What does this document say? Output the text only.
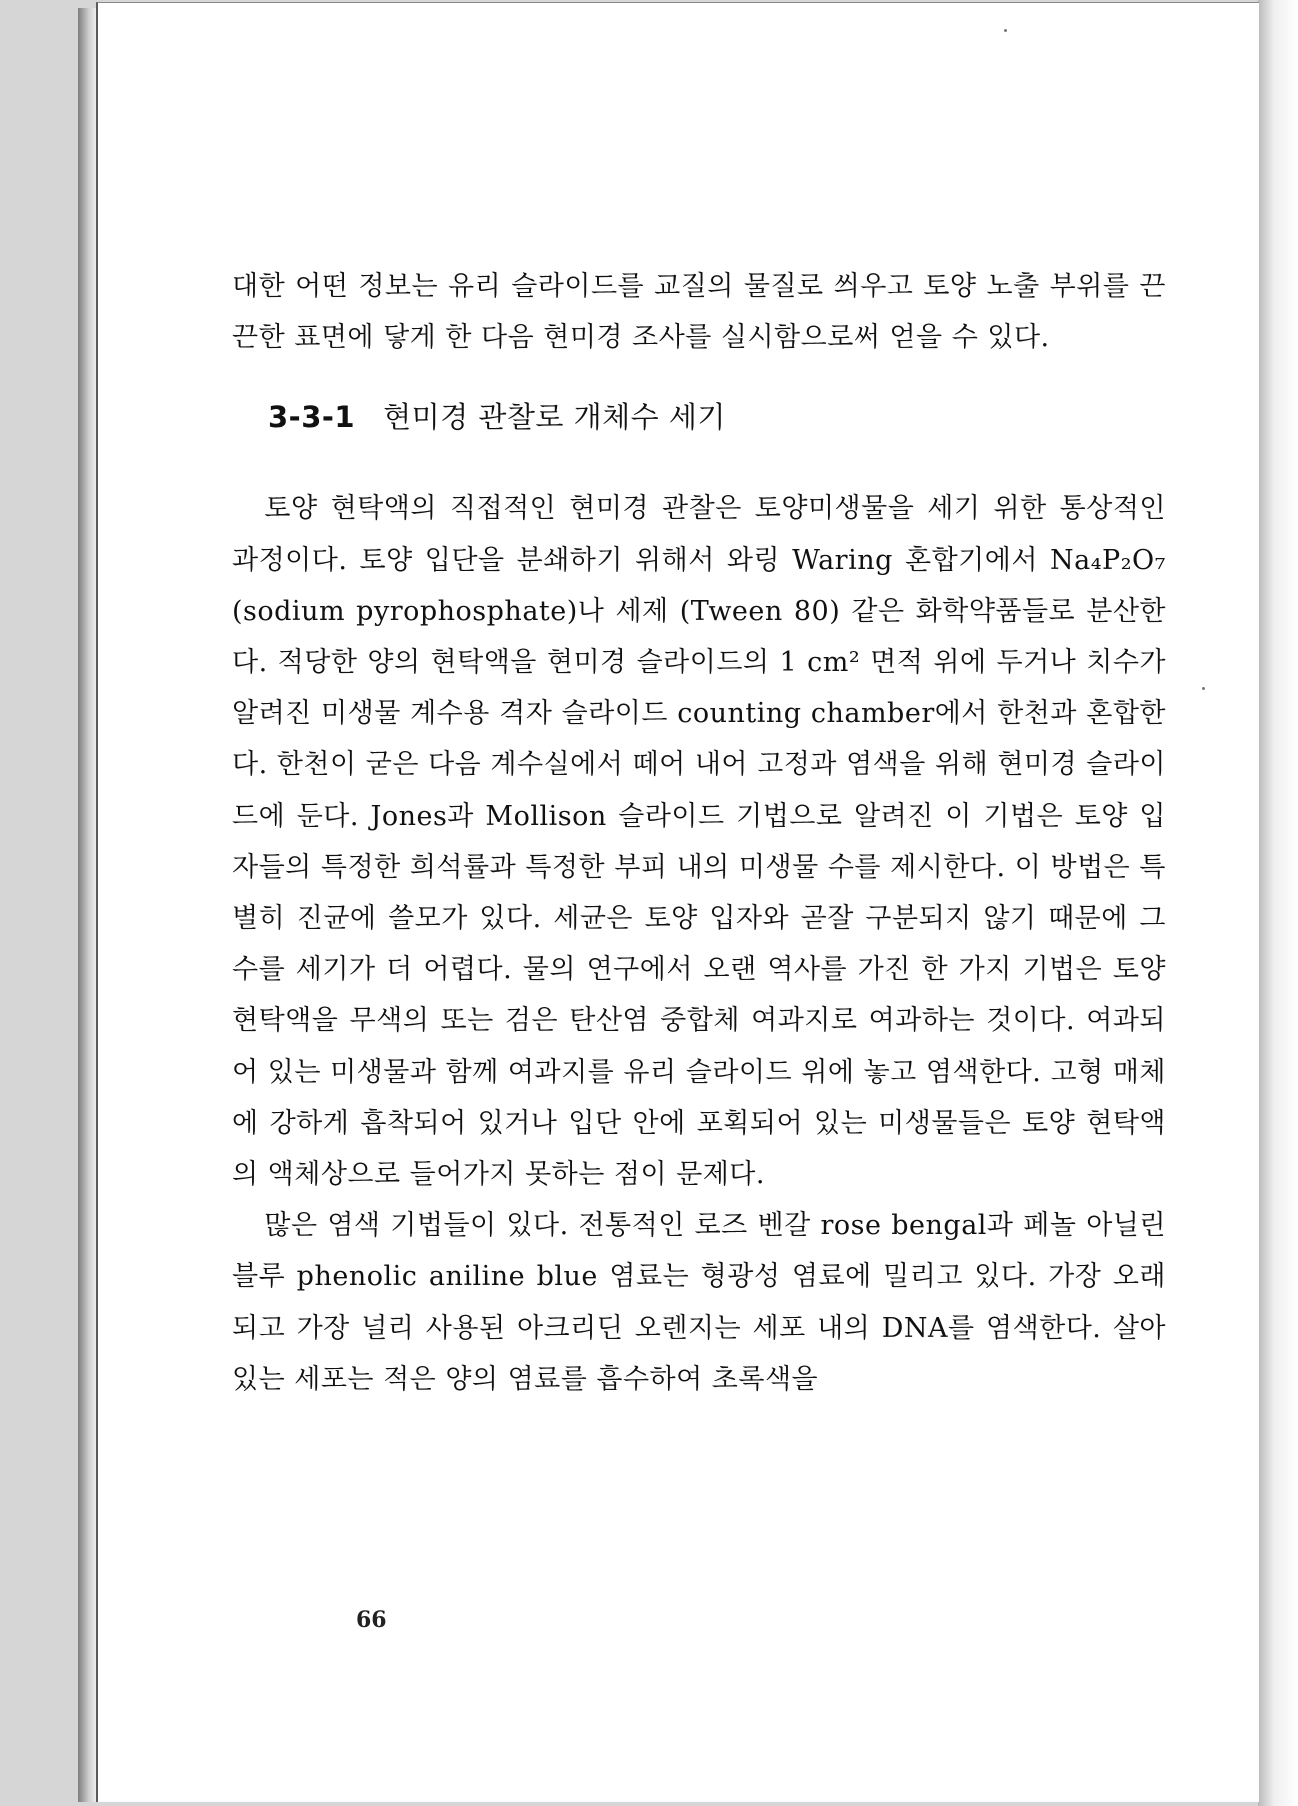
대한 어떤 정보는 유리 슬라이드를 교질의 물질로 씌우고 토양 노출 부위를 끈끈한 표면에 닿게 한 다음 현미경 조사를 실시함으로써 얻을 수 있다.

3-3-1 현미경 관찰로 개체수 세기

토양 현탁액의 직접적인 현미경 관찰은 토양미생물을 세기 위한 통상적인 과정이다. 토양 입단을 분쇄하기 위해서 와링 Waring 혼합기에서 Na₄P₂O₇ (sodium pyrophosphate)나 세제 (Tween 80) 같은 화학약품들로 분산한다. 적당한 양의 현탁액을 현미경 슬라이드의 1 cm² 면적 위에 두거나 치수가 알려진 미생물 계수용 격자 슬라이드 counting chamber에서 한천과 혼합한다. 한천이 굳은 다음 계수실에서 떼어 내어 고정과 염색을 위해 현미경 슬라이드에 둔다. Jones과 Mollison 슬라이드 기법으로 알려진 이 기법은 토양 입자들의 특정한 희석률과 특정한 부피 내의 미생물 수를 제시한다. 이 방법은 특별히 진균에 쓸모가 있다. 세균은 토양 입자와 곧잘 구분되지 않기 때문에 그 수를 세기가 더 어렵다. 물의 연구에서 오랜 역사를 가진 한 가지 기법은 토양 현탁액을 무색의 또는 검은 탄산염 중합체 여과지로 여과하는 것이다. 여과되어 있는 미생물과 함께 여과지를 유리 슬라이드 위에 놓고 염색한다. 고형 매체에 강하게 흡착되어 있거나 입단 안에 포획되어 있는 미생물들은 토양 현탁액의 액체상으로 들어가지 못하는 점이 문제다.

많은 염색 기법들이 있다. 전통적인 로즈 벤갈 rose bengal과 페놀 아닐린 블루 phenolic aniline blue 염료는 형광성 염료에 밀리고 있다. 가장 오래되고 가장 널리 사용된 아크리딘 오렌지는 세포 내의 DNA를 염색한다. 살아 있는 세포는 적은 양의 염료를 흡수하여 초록색을

66
